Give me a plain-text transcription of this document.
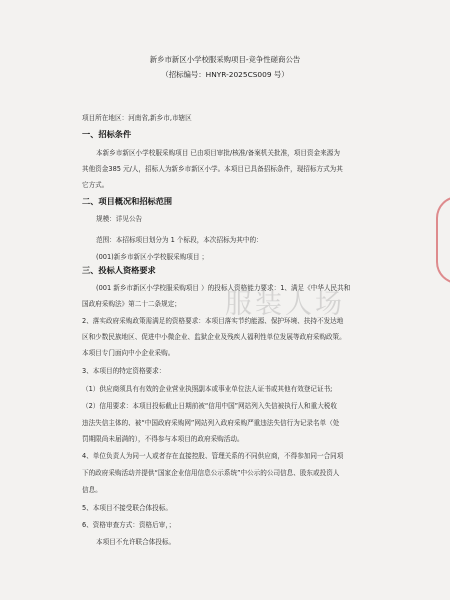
新乡市新区小学校服采购项目-竞争性磋商公告
（招标编号：HNYR-2025CS009 号）
项目所在地区：河南省,新乡市,市辖区
一、招标条件
本新乡市新区小学校服采购项目 已由项目审批/核准/备案机关批准，项目资金来源为
其他资金385 元/人，招标人为新乡市新区小学。本项目已具备招标条件，现招标方式为其
它方式。
二、项目概况和招标范围
规模：详见公告
范围：本招标项目划分为 1 个标段，本次招标为其中的：
(001)新乡市新区小学校服采购项目 ；
三、投标人资格要求
(001 新乡市新区小学校服采购项目 ）的投标人资格能力要求：1、满足《中华人民共和
国政府采购法》第二十二条规定；
2、落实政府采购政策需满足的资格要求：本项目落实节约能源、保护环境、扶持不发达地
区和少数民族地区、促进中小微企业、监狱企业及残疾人福利性单位发展等政府采购政策。
本项目专门面向中小企业采购。
3、本项目的特定资格要求：
（1）供应商须具有有效的企业营业执照副本或事业单位法人证书或其他有效登记证书;
（2）信用要求：本项目投标截止日期前被“信用中国”网站列入失信被执行人和重大税收
违法失信主体的、被“中国政府采购网”网站列入政府采购严重违法失信行为记录名单（处
罚期限尚未届满的），不得参与本项目的政府采购活动。
4、单位负责人为同一人或者存在直接控股、管理关系的不同供应商，不得参加同一合同项
下的政府采购活动并提供“国家企业信用信息公示系统”中公示的公司信息、股东或投资人
信息。
5、本项目不接受联合体投标。
6、资格审查方式：资格后审，；
本项目不允许联合体投标。
服装人场
